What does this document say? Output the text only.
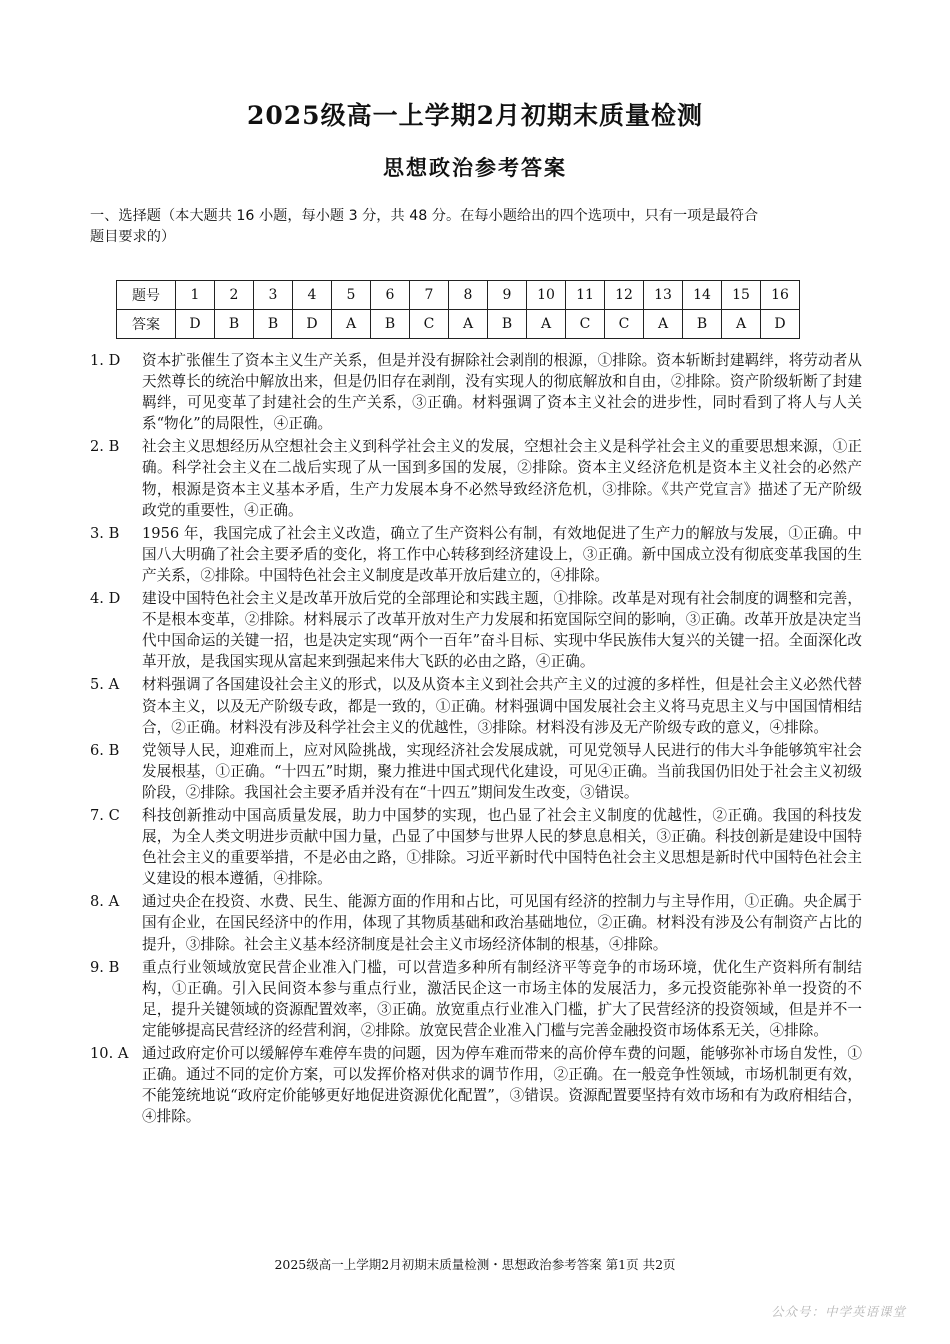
2025级高一上学期2月初期末质量检测
思想政治参考答案
一、选择题（本大题共 16 小题，每小题 3 分，共 48 分。在每小题给出的四个选项中，只有一项是最符合
题目要求的）
题号	1	2	3	4	5	6	7	8	9	10	11	12	13	14	15	16
答案	D	B	B	D	A	B	C	A	B	A	C	C	A	B	A	D
1. D	资本扩张催生了资本主义生产关系，但是并没有摒除社会剥削的根源，①排除。资本斩断封建羁绊，将劳动者从天然尊长的统治中解放出来，但是仍旧存在剥削，没有实现人的彻底解放和自由，②排除。资产阶级斩断了封建羁绊，可见变革了封建社会的生产关系，③正确。材料强调了资本主义社会的进步性，同时看到了将人与人关系“物化”的局限性，④正确。
2. B	社会主义思想经历从空想社会主义到科学社会主义的发展，空想社会主义是科学社会主义的重要思想来源，①正确。科学社会主义在二战后实现了从一国到多国的发展，②排除。资本主义经济危机是资本主义社会的必然产物，根源是资本主义基本矛盾，生产力发展本身不必然导致经济危机，③排除。《共产党宣言》描述了无产阶级政党的重要性，④正确。
3. B	1956 年，我国完成了社会主义改造，确立了生产资料公有制，有效地促进了生产力的解放与发展，①正确。中国八大明确了社会主要矛盾的变化，将工作中心转移到经济建设上，③正确。新中国成立没有彻底变革我国的生产关系，②排除。中国特色社会主义制度是改革开放后建立的，④排除。
4. D	建设中国特色社会主义是改革开放后党的全部理论和实践主题，①排除。改革是对现有社会制度的调整和完善，不是根本变革，②排除。材料展示了改革开放对生产力发展和拓宽国际空间的影响，③正确。改革开放是决定当代中国命运的关键一招，也是决定实现“两个一百年”奋斗目标、实现中华民族伟大复兴的关键一招。全面深化改革开放，是我国实现从富起来到强起来伟大飞跃的必由之路，④正确。
5. A	材料强调了各国建设社会主义的形式，以及从资本主义到社会共产主义的过渡的多样性，但是社会主义必然代替资本主义，以及无产阶级专政，都是一致的，①正确。材料强调中国发展社会主义将马克思主义与中国国情相结合，②正确。材料没有涉及科学社会主义的优越性，③排除。材料没有涉及无产阶级专政的意义，④排除。
6. B	党领导人民，迎难而上，应对风险挑战，实现经济社会发展成就，可见党领导人民进行的伟大斗争能够筑牢社会发展根基，①正确。“十四五”时期，聚力推进中国式现代化建设，可见④正确。当前我国仍旧处于社会主义初级阶段，②排除。我国社会主要矛盾并没有在“十四五”期间发生改变，③错误。
7. C	科技创新推动中国高质量发展，助力中国梦的实现，也凸显了社会主义制度的优越性，②正确。我国的科技发展，为全人类文明进步贡献中国力量，凸显了中国梦与世界人民的梦息息相关，③正确。科技创新是建设中国特色社会主义的重要举措，不是必由之路，①排除。习近平新时代中国特色社会主义思想是新时代中国特色社会主义建设的根本遵循，④排除。
8. A	通过央企在投资、水费、民生、能源方面的作用和占比，可见国有经济的控制力与主导作用，①正确。央企属于国有企业，在国民经济中的作用，体现了其物质基础和政治基础地位，②正确。材料没有涉及公有制资产占比的提升，③排除。社会主义基本经济制度是社会主义市场经济体制的根基，④排除。
9. B	重点行业领域放宽民营企业准入门槛，可以营造多种所有制经济平等竞争的市场环境，优化生产资料所有制结构，①正确。引入民间资本参与重点行业，激活民企这一市场主体的发展活力，多元投资能弥补单一投资的不足，提升关键领域的资源配置效率，③正确。放宽重点行业准入门槛，扩大了民营经济的投资领域，但是并不一定能够提高民营经济的经营利润，②排除。放宽民营企业准入门槛与完善金融投资市场体系无关，④排除。
10. A 通过政府定价可以缓解停车难停车贵的问题，因为停车难而带来的高价停车费的问题，能够弥补市场自发性，①正确。通过不同的定价方案，可以发挥价格对供求的调节作用，②正确。在一般竞争性领域，市场机制更有效，不能笼统地说“政府定价能够更好地促进资源优化配置”，③错误。资源配置要坚持有效市场和有为政府相结合，④排除。
2025级高一上学期2月初期末质量检测・思想政治参考答案 第1页 共2页
公众号：中学英语课堂
